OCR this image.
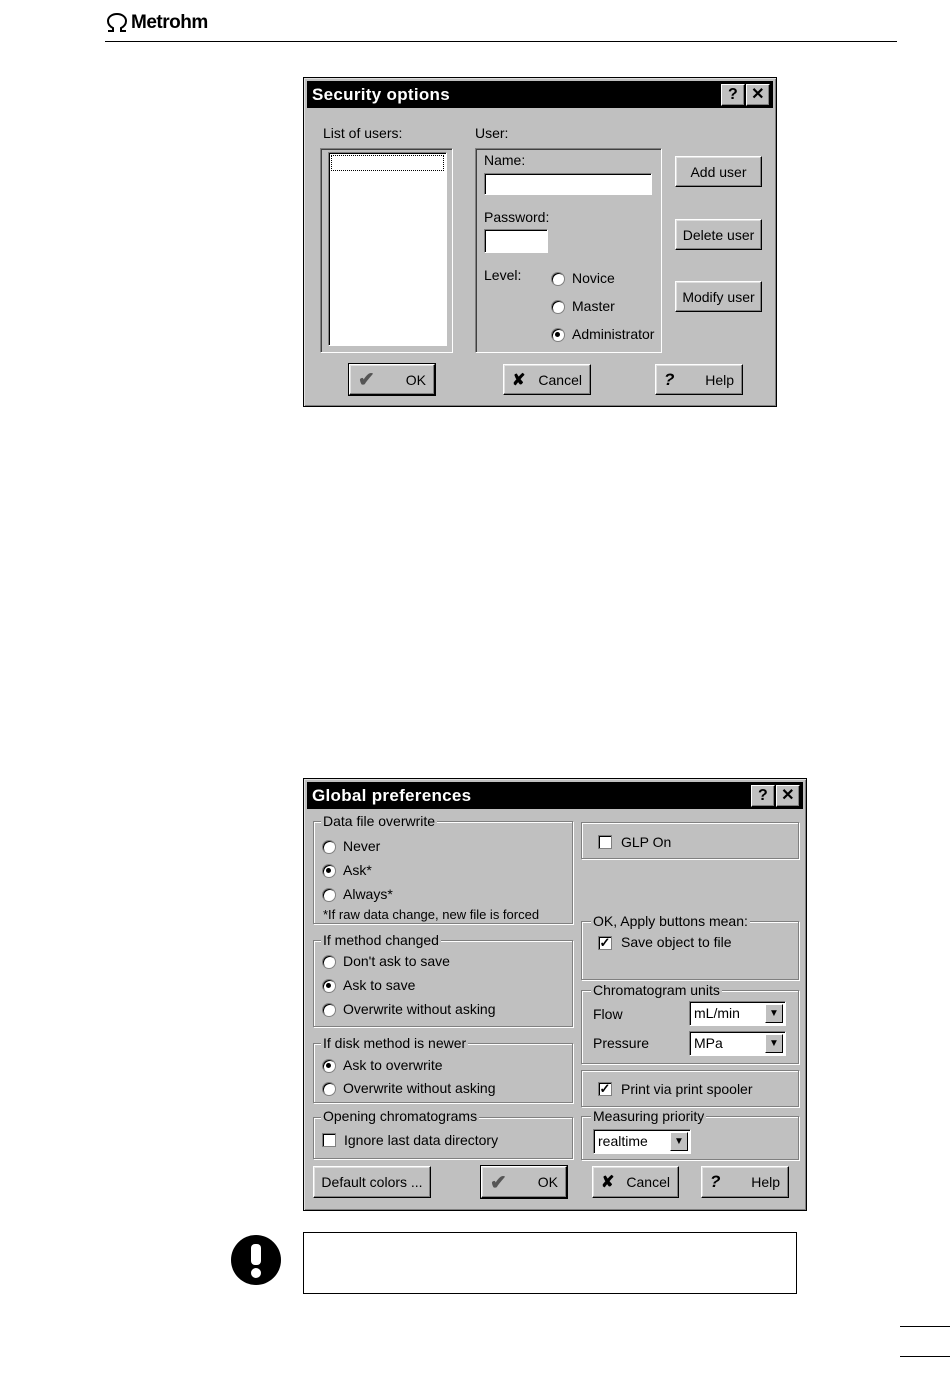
Metrohm
Security options	? ✕
List of users:	User:
Name:
Password:
Level:	Novice
Master
Administrator
Add user
Delete user
Modify user
✔ OK	✘ Cancel	? Help
Global preferences	? ✕
Data file overwrite
Never
Ask*
Always*
*If raw data change, new file is forced
If method changed
Don't ask to save
Ask to save
Overwrite without asking
If disk method is newer
Ask to overwrite
Overwrite without asking
Opening chromatograms
Ignore last data directory
GLP On
OK, Apply buttons mean:
✓ Save object to file
Chromatogram units
Flow	mL/min	▼
Pressure	MPa	▼
✓ Print via print spooler
Measuring priority
realtime	▼
Default colors ...	✔ OK	✘ Cancel ? Help
